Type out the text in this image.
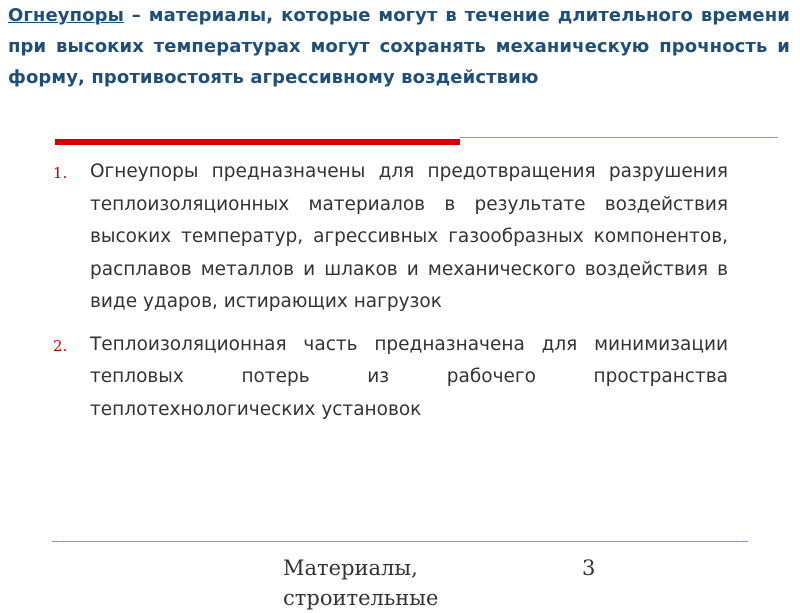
Огнеупоры – материалы, которые могут в течение длительного времени при высоких температурах могут сохранять механическую прочность и форму, противостоять агрессивному воздействию
1. Огнеупоры предназначены для предотвращения разрушения теплоизоляционных материалов в результате воздействия высоких температур, агрессивных газообразных компонентов, расплавов металлов и шлаков и механического воздействия в виде ударов, истирающих нагрузок
2. Теплоизоляционная часть предназначена для минимизации тепловых потерь из рабочего пространства теплотехнологических установок
Материалы,
строительные
3
